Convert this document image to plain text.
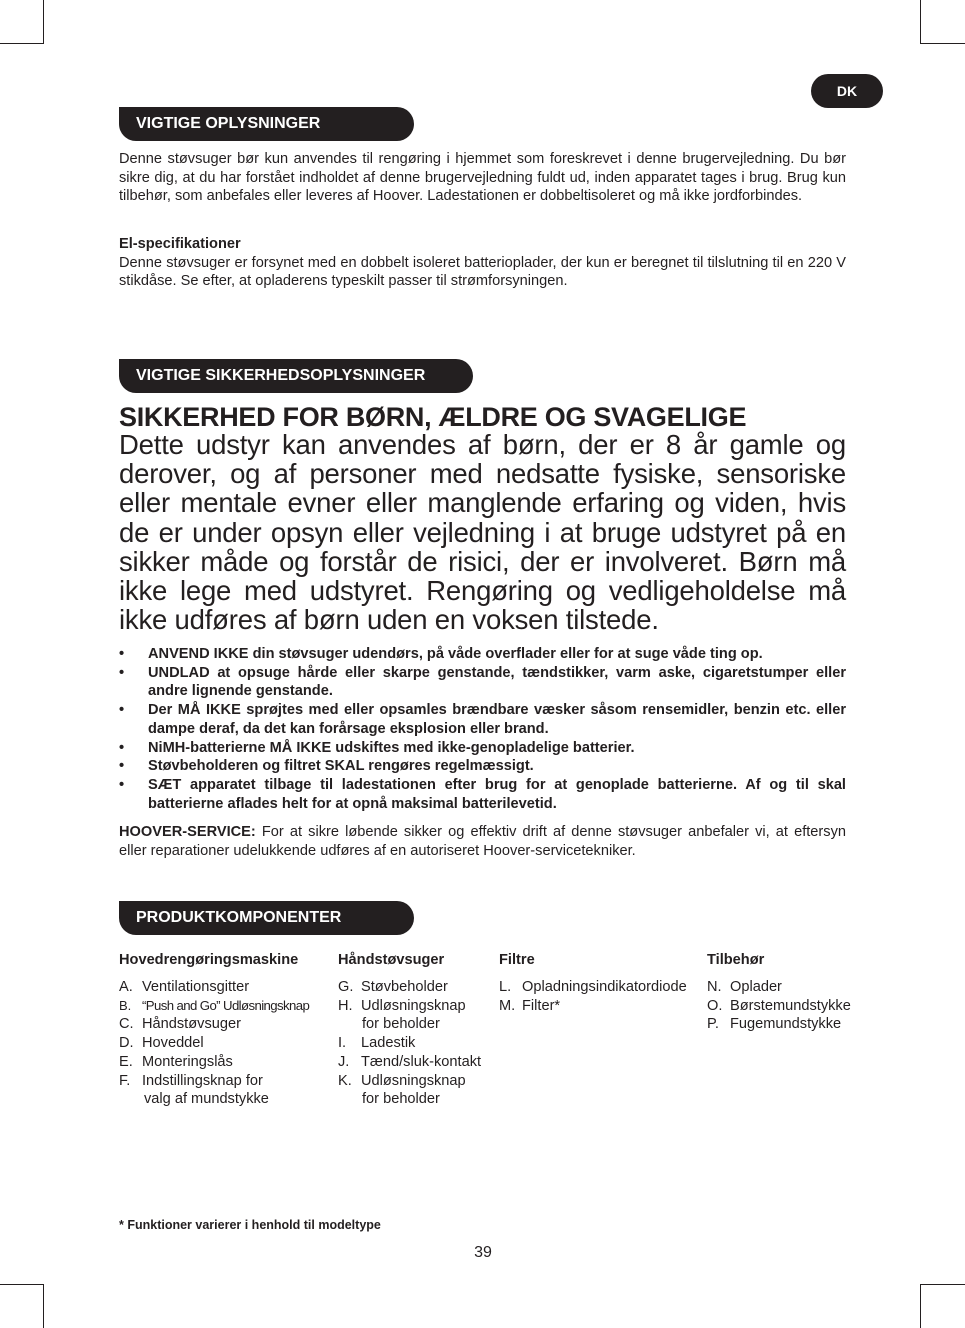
DK
VIGTIGE OPLYSNINGER

Denne støvsuger bør kun anvendes til rengøring i hjemmet som foreskrevet i denne brugervejledning. Du bør sikre dig, at du har forstået indholdet af denne brugervejledning fuldt ud, inden apparatet tages i brug. Brug kun tilbehør, som anbefales eller leveres af Hoover. Ladestationen er dobbeltisoleret og må ikke jordforbindes.

El-specifikationer
Denne støvsuger er forsynet med en dobbelt isoleret batterioplader, der kun er beregnet til tilslutning til en 220 V stikdåse. Se efter, at opladerens typeskilt passer til strømforsyningen.

VIGTIGE SIKKERHEDSOPLYSNINGER
SIKKERHED FOR BØRN, ÆLDRE OG SVAGELIGE

Dette udstyr kan anvendes af børn, der er 8 år gamle og derover, og af personer med nedsatte fysiske, sensoriske eller mentale evner eller manglende erfaring og viden, hvis de er under opsyn eller vejledning i at bruge udstyret på en sikker måde og forstår de risici, der er involveret. Børn må ikke lege med udstyret. Rengøring og vedligeholdelse må ikke udføres af børn uden en voksen tilstede.

• ANVEND IKKE din støvsuger udendørs, på våde overflader eller for at suge våde ting op.
• UNDLAD at opsuge hårde eller skarpe genstande, tændstikker, varm aske, cigaretstumper eller andre lignende genstande.
• Der MÅ IKKE sprøjtes med eller opsamles brændbare væsker såsom rensemidler, benzin etc. eller dampe deraf, da det kan forårsage eksplosion eller brand.
• NiMH-batterierne MÅ IKKE udskiftes med ikke-genopladelige batterier.
• Støvbeholderen og filtret SKAL rengøres regelmæssigt.
• SÆT apparatet tilbage til ladestationen efter brug for at genoplade batterierne. Af og til skal batterierne aflades helt for at opnå maksimal batterilevetid.

HOOVER-SERVICE: For at sikre løbende sikker og effektiv drift af denne støvsuger anbefaler vi, at eftersyn eller reparationer udelukkende udføres af en autoriseret Hoover-servicetekniker.

PRODUKTKOMPONENTER
Hovedrengøringsmaskine
A. Ventilationsgitter
B. “Push and Go” Udløsningsknap
C. Håndstøvsuger
D. Hoveddel
E. Monteringslås
F. Indstillingsknap for
valg af mundstykke
Håndstøvsuger
G. Støvbeholder
H. Udløsningsknap
for beholder
I.	Ladestik
J. Tænd/sluk-kontakt
K. Udløsningsknap
for beholder
Filtre
L. Opladningsindikatordiode
M. Filter*
Tilbehør
N. Oplader
O. Børstemundstykke
P. Fugemundstykke
* Funktioner varierer i henhold til modeltype
39
